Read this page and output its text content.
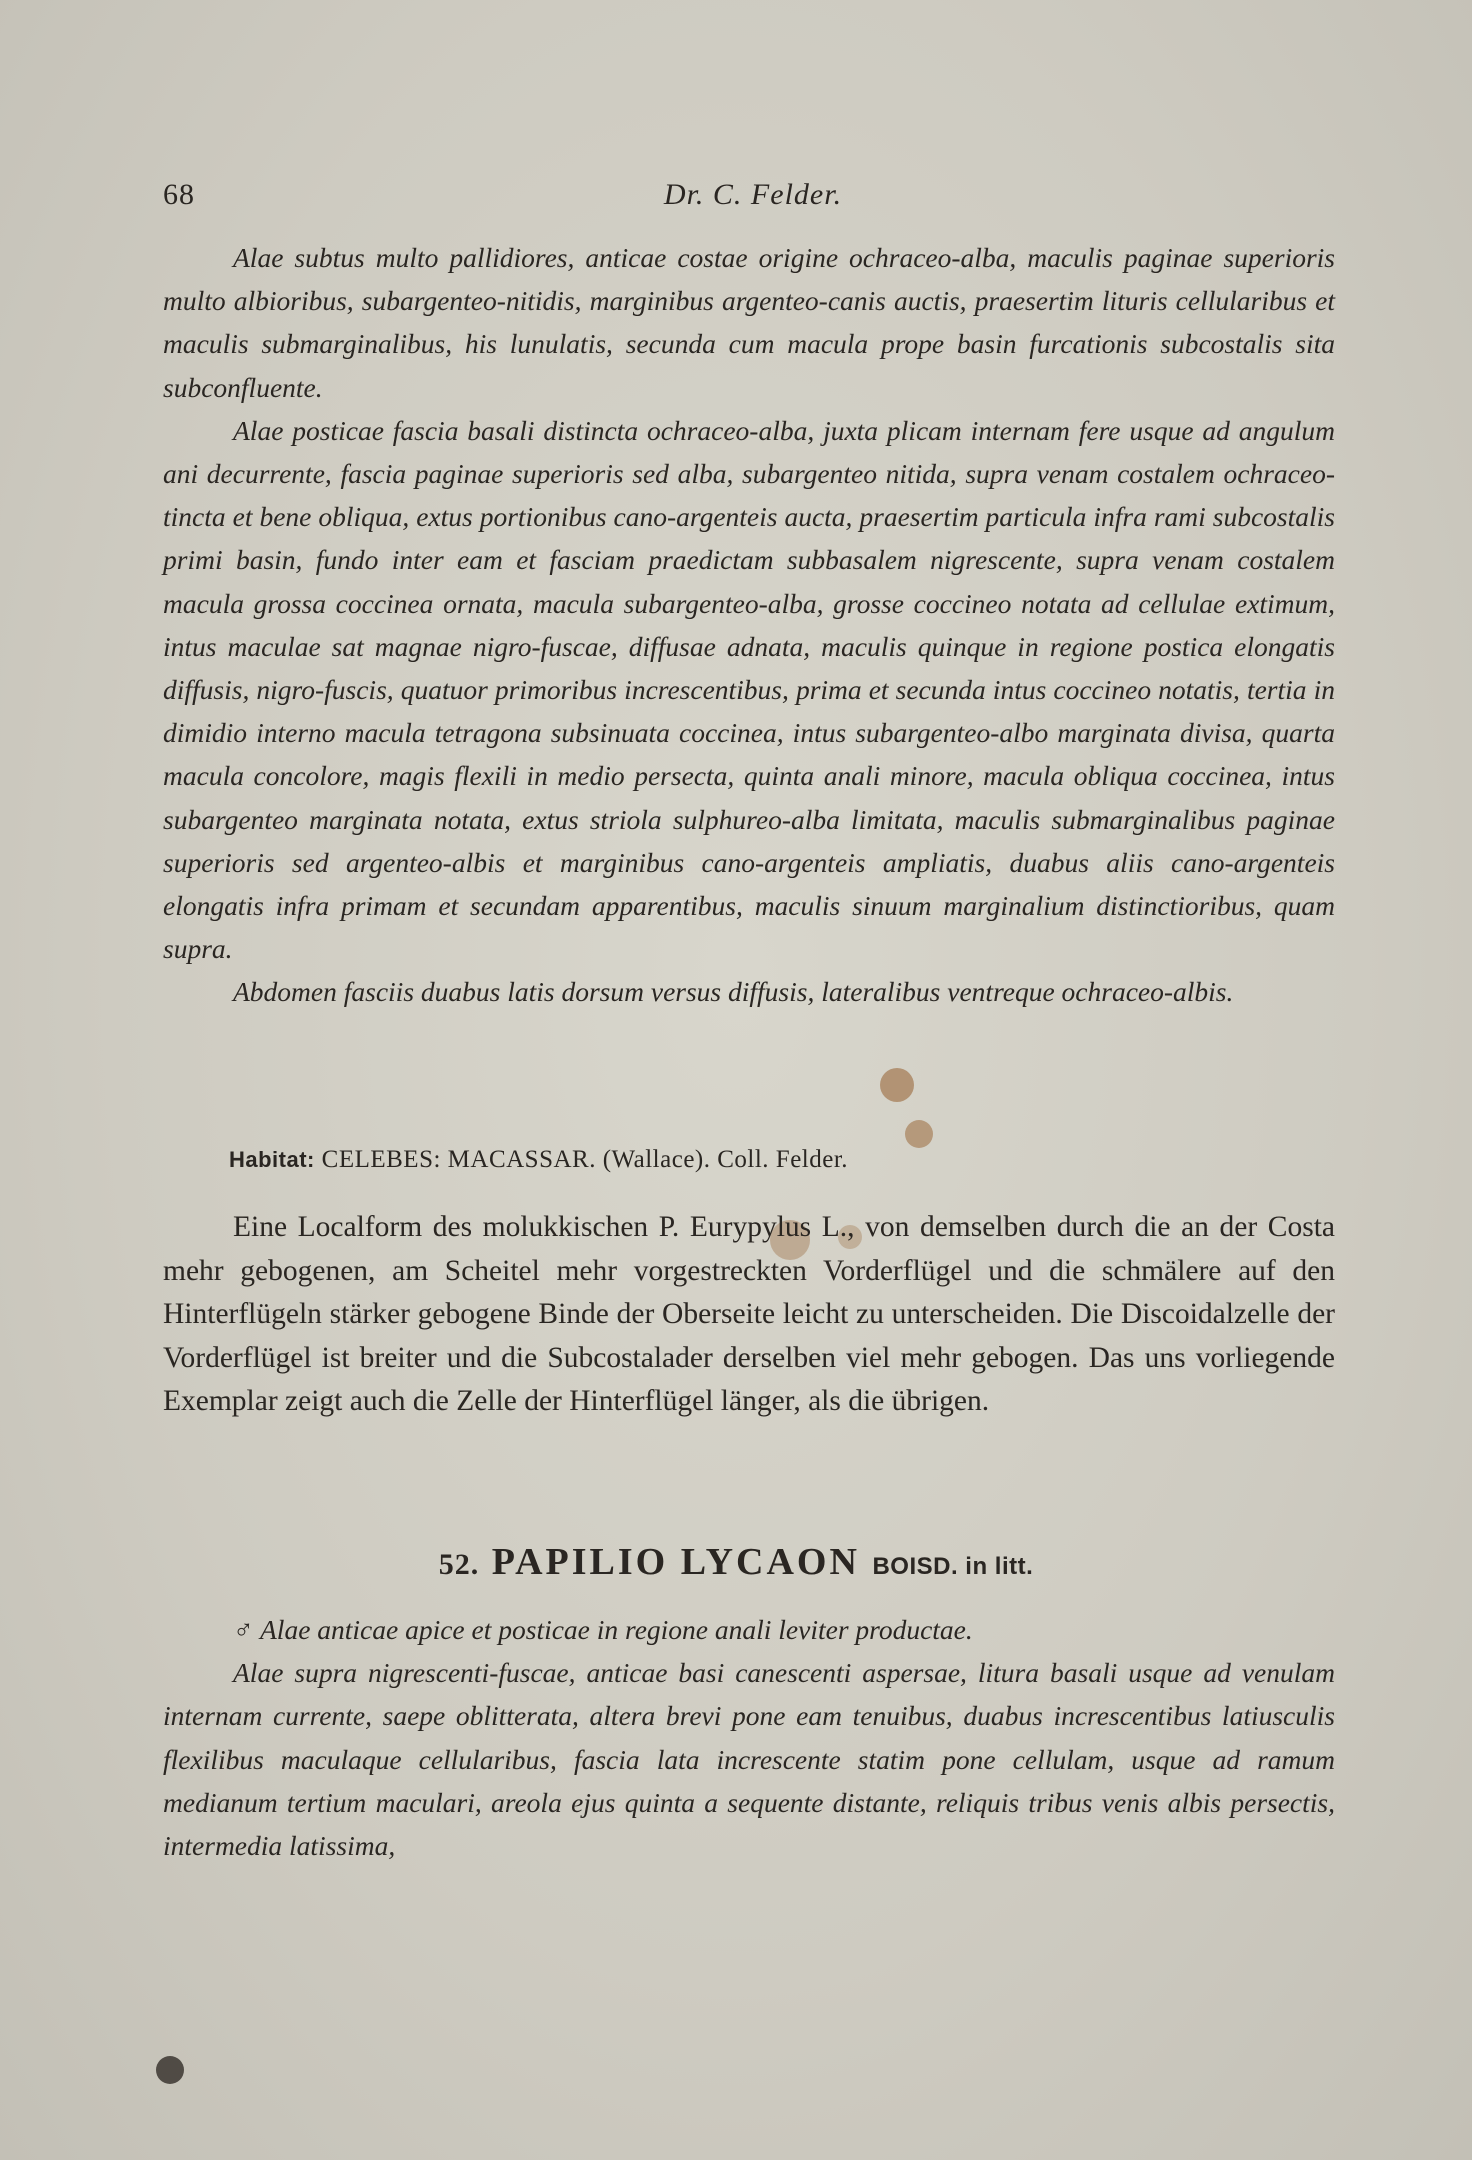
68	Dr. C. Felder.

Alae subtus multo pallidiores, anticae costae origine ochraceo-alba, maculis paginae superioris multo albioribus, subargenteo-nitidis, marginibus argenteo-canis auctis, praesertim lituris cellularibus et maculis submarginalibus, his lunulatis, secunda cum macula prope basin furcationis subcostalis sita subconfluente.

Alae posticae fascia basali distincta ochraceo-alba, juxta plicam internam fere usque ad angulum ani decurrente, fascia paginae superioris sed alba, subargenteo nitida, supra venam costalem ochraceo-tincta et bene obliqua, extus portionibus cano-argenteis aucta, praesertim particula infra rami subcostalis primi basin, fundo inter eam et fasciam praedictam subbasalem nigrescente, supra venam costalem macula grossa coccinea ornata, macula subargenteo-alba, grosse coccineo notata ad cellulae extimum, intus maculae sat magnae nigro-fuscae, diffusae adnata, maculis quinque in regione postica elongatis diffusis, nigro-fuscis, quatuor primoribus increscentibus, prima et secunda intus coccineo notatis, tertia in dimidio interno macula tetragona subsinuata coccinea, intus subargenteo-albo marginata divisa, quarta macula concolore, magis flexili in medio persecta, quinta anali minore, macula obliqua coccinea, intus subargenteo marginata notata, extus striola sulphureo-alba limitata, maculis submarginalibus paginae superioris sed argenteo-albis et marginibus cano-argenteis ampliatis, duabus aliis cano-argenteis elongatis infra primam et secundam apparentibus, maculis sinuum marginalium distinctioribus, quam supra.

Abdomen fasciis duabus latis dorsum versus diffusis, lateralibus ventreque ochraceo-albis.

Habitat: CELEBES: MACASSAR. (Wallace). Coll. Felder.

Eine Localform des molukkischen P. Eurypylus L., von demselben durch die an der Costa mehr gebogenen, am Scheitel mehr vorgestreckten Vorderflügel und die schmälere auf den Hinterflügeln stärker gebogene Binde der Oberseite leicht zu unterscheiden. Die Discoidalzelle der Vorderflügel ist breiter und die Subcostalader derselben viel mehr gebogen. Das uns vorliegende Exemplar zeigt auch die Zelle der Hinterflügel länger, als die übrigen.

52. PAPILIO LYCAON BOISD. in litt.

♂ Alae anticae apice et posticae in regione anali leviter productae.

Alae supra nigrescenti-fuscae, anticae basi canescenti aspersae, litura basali usque ad venulam internam currente, saepe oblitterata, altera brevi pone eam tenuibus, duabus increscentibus latiusculis flexilibus maculaque cellularibus, fascia lata increscente statim pone cellulam, usque ad ramum medianum tertium maculari, areola ejus quinta a sequente distante, reliquis tribus venis albis persectis, intermedia latissima,
